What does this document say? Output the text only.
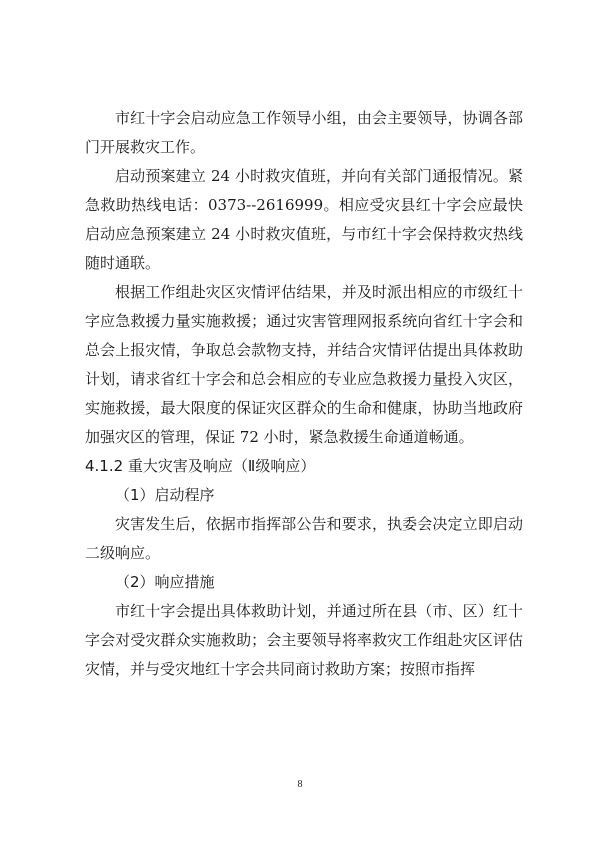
市红十字会启动应急工作领导小组，由会主要领导，协调各部门开展救灾工作。

启动预案建立 24 小时救灾值班，并向有关部门通报情况。紧急救助热线电话：0373--2616999。相应受灾县红十字会应最快启动应急预案建立 24 小时救灾值班，与市红十字会保持救灾热线随时通联。

根据工作组赴灾区灾情评估结果，并及时派出相应的市级红十字应急救援力量实施救援；通过灾害管理网报系统向省红十字会和总会上报灾情，争取总会款物支持，并结合灾情评估提出具体救助计划，请求省红十字会和总会相应的专业应急救援力量投入灾区，实施救援，最大限度的保证灾区群众的生命和健康，协助当地政府加强灾区的管理，保证 72 小时，紧急救援生命通道畅通。

4.1.2 重大灾害及响应（Ⅱ级响应）

（1）启动程序

灾害发生后，依据市指挥部公告和要求，执委会决定立即启动二级响应。

（2）响应措施

市红十字会提出具体救助计划，并通过所在县（市、区）红十字会对受灾群众实施救助；会主要领导将率救灾工作组赴灾区评估灾情，并与受灾地红十字会共同商讨救助方案；按照市指挥

8
